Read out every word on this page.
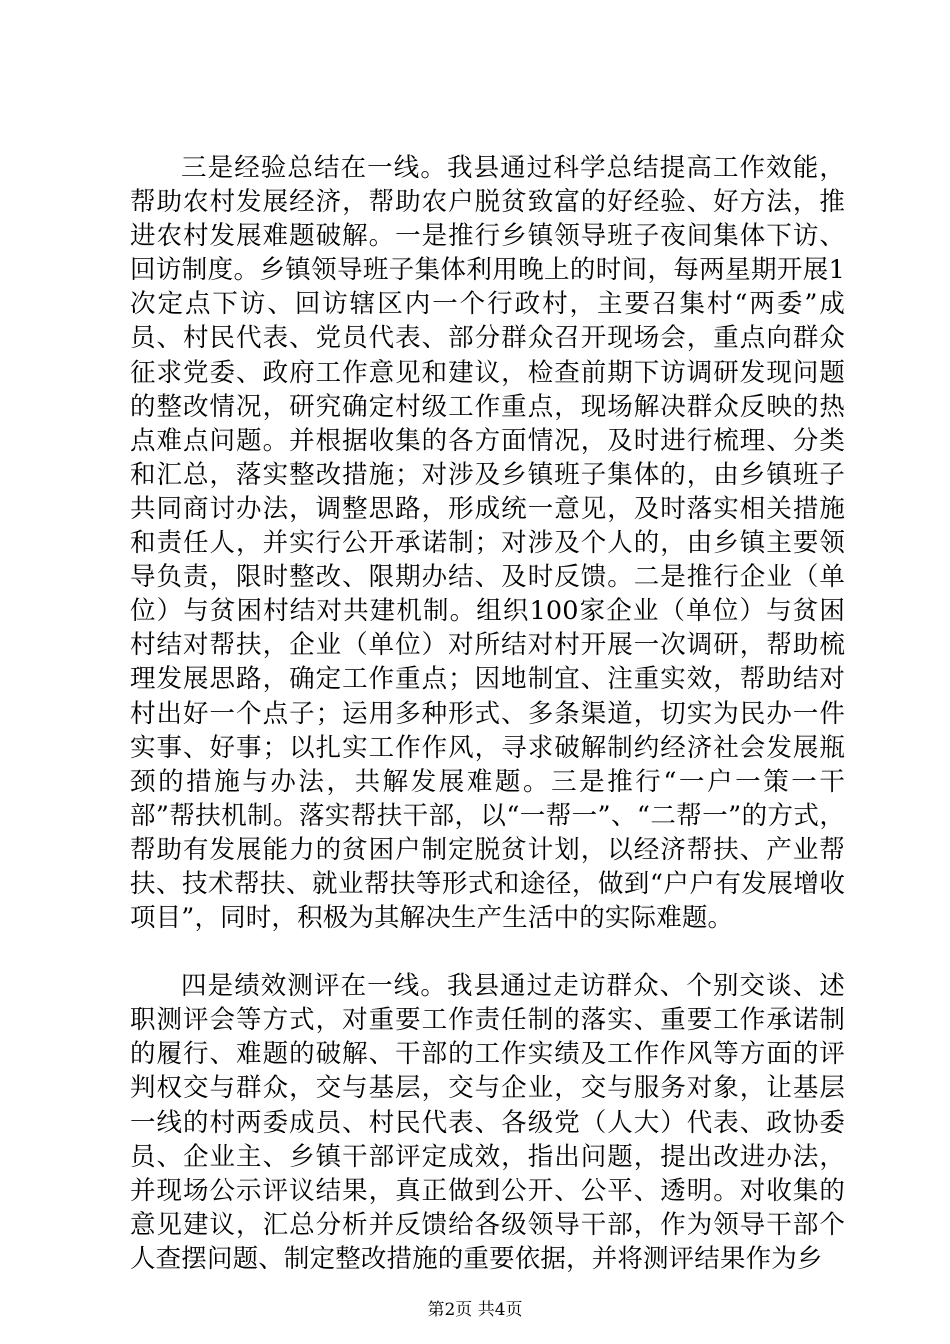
三是经验总结在一线。我县通过科学总结提高工作效能，帮助农村发展经济，帮助农户脱贫致富的好经验、好方法，推进农村发展难题破解。一是推行乡镇领导班子夜间集体下访、回访制度。乡镇领导班子集体利用晚上的时间，每两星期开展1次定点下访、回访辖区内一个行政村，主要召集村“两委”成员、村民代表、党员代表、部分群众召开现场会，重点向群众征求党委、政府工作意见和建议，检查前期下访调研发现问题的整改情况，研究确定村级工作重点，现场解决群众反映的热点难点问题。并根据收集的各方面情况，及时进行梳理、分类和汇总，落实整改措施；对涉及乡镇班子集体的，由乡镇班子共同商讨办法，调整思路，形成统一意见，及时落实相关措施和责任人，并实行公开承诺制；对涉及个人的，由乡镇主要领导负责，限时整改、限期办结、及时反馈。二是推行企业（单位）与贫困村结对共建机制。组织100家企业（单位）与贫困村结对帮扶，企业（单位）对所结对村开展一次调研，帮助梳理发展思路，确定工作重点；因地制宜、注重实效，帮助结对村出好一个点子；运用多种形式、多条渠道，切实为民办一件实事、好事；以扎实工作作风，寻求破解制约经济社会发展瓶颈的措施与办法，共解发展难题。三是推行“一户一策一干部”帮扶机制。落实帮扶干部，以“一帮一”、“二帮一”的方式，帮助有发展能力的贫困户制定脱贫计划，以经济帮扶、产业帮扶、技术帮扶、就业帮扶等形式和途径，做到“户户有发展增收项目”，同时，积极为其解决生产生活中的实际难题。

四是绩效测评在一线。我县通过走访群众、个别交谈、述职测评会等方式，对重要工作责任制的落实、重要工作承诺制的履行、难题的破解、干部的工作实绩及工作作风等方面的评判权交与群众，交与基层，交与企业，交与服务对象，让基层一线的村两委成员、村民代表、各级党（人大）代表、政协委员、企业主、乡镇干部评定成效，指出问题，提出改进办法，并现场公示评议结果，真正做到公开、公平、透明。对收集的意见建议，汇总分析并反馈给各级领导干部，作为领导干部个人查摆问题、制定整改措施的重要依据，并将测评结果作为乡

第2页 共4页
